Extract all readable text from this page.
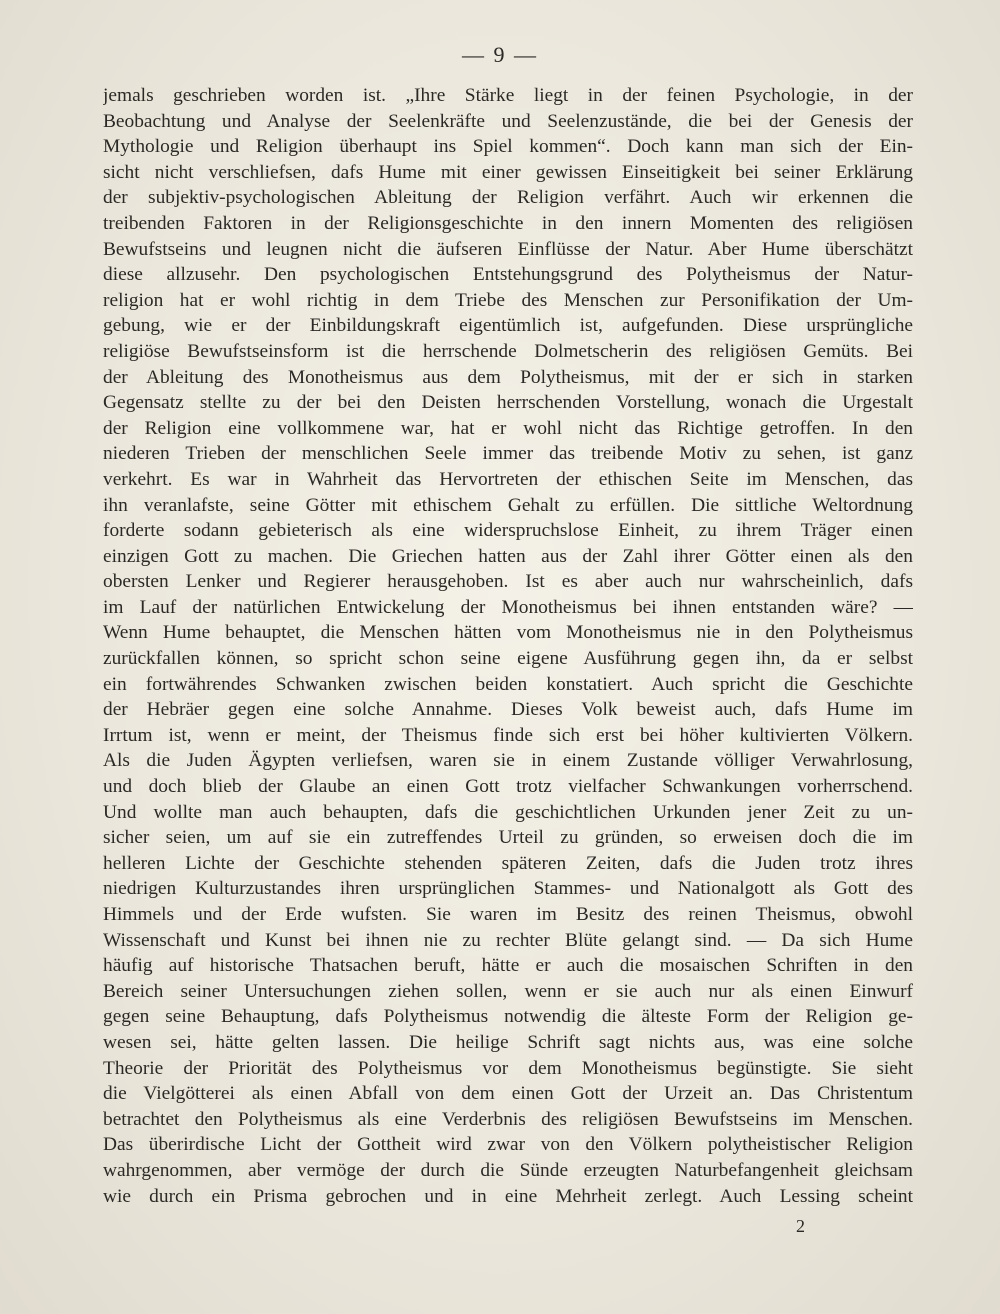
— 9 —
jemals geschrieben worden ist. „Ihre Stärke liegt in der feinen Psychologie, in der
Beobachtung und Analyse der Seelenkräfte und Seelenzustände, die bei der Genesis der
Mythologie und Religion überhaupt ins Spiel kommen“. Doch kann man sich der Ein-
sicht nicht verschliefsen, dafs Hume mit einer gewissen Einseitigkeit bei seiner Erklärung
der subjektiv-psychologischen Ableitung der Religion verfährt. Auch wir erkennen die
treibenden Faktoren in der Religionsgeschichte in den innern Momenten des religiösen
Bewufstseins und leugnen nicht die äufseren Einflüsse der Natur. Aber Hume überschätzt
diese allzusehr. Den psychologischen Entstehungsgrund des Polytheismus der Natur-
religion hat er wohl richtig in dem Triebe des Menschen zur Personifikation der Um-
gebung, wie er der Einbildungskraft eigentümlich ist, aufgefunden. Diese ursprüngliche
religiöse Bewufstseinsform ist die herrschende Dolmetscherin des religiösen Gemüts. Bei
der Ableitung des Monotheismus aus dem Polytheismus, mit der er sich in starken
Gegensatz stellte zu der bei den Deisten herrschenden Vorstellung, wonach die Urgestalt
der Religion eine vollkommene war, hat er wohl nicht das Richtige getroffen. In den
niederen Trieben der menschlichen Seele immer das treibende Motiv zu sehen, ist ganz
verkehrt. Es war in Wahrheit das Hervortreten der ethischen Seite im Menschen, das
ihn veranlafste, seine Götter mit ethischem Gehalt zu erfüllen. Die sittliche Weltordnung
forderte sodann gebieterisch als eine widerspruchslose Einheit, zu ihrem Träger einen
einzigen Gott zu machen. Die Griechen hatten aus der Zahl ihrer Götter einen als den
obersten Lenker und Regierer herausgehoben. Ist es aber auch nur wahrscheinlich, dafs
im Lauf der natürlichen Entwickelung der Monotheismus bei ihnen entstanden wäre? —
Wenn Hume behauptet, die Menschen hätten vom Monotheismus nie in den Polytheismus
zurückfallen können, so spricht schon seine eigene Ausführung gegen ihn, da er selbst
ein fortwährendes Schwanken zwischen beiden konstatiert. Auch spricht die Geschichte
der Hebräer gegen eine solche Annahme. Dieses Volk beweist auch, dafs Hume im
Irrtum ist, wenn er meint, der Theismus finde sich erst bei höher kultivierten Völkern.
Als die Juden Ägypten verliefsen, waren sie in einem Zustande völliger Verwahrlosung,
und doch blieb der Glaube an einen Gott trotz vielfacher Schwankungen vorherrschend.
Und wollte man auch behaupten, dafs die geschichtlichen Urkunden jener Zeit zu un-
sicher seien, um auf sie ein zutreffendes Urteil zu gründen, so erweisen doch die im
helleren Lichte der Geschichte stehenden späteren Zeiten, dafs die Juden trotz ihres
niedrigen Kulturzustandes ihren ursprünglichen Stammes- und Nationalgott als Gott des
Himmels und der Erde wufsten. Sie waren im Besitz des reinen Theismus, obwohl
Wissenschaft und Kunst bei ihnen nie zu rechter Blüte gelangt sind. — Da sich Hume
häufig auf historische Thatsachen beruft, hätte er auch die mosaischen Schriften in den
Bereich seiner Untersuchungen ziehen sollen, wenn er sie auch nur als einen Einwurf
gegen seine Behauptung, dafs Polytheismus notwendig die älteste Form der Religion ge-
wesen sei, hätte gelten lassen. Die heilige Schrift sagt nichts aus, was eine solche
Theorie der Priorität des Polytheismus vor dem Monotheismus begünstigte. Sie sieht
die Vielgötterei als einen Abfall von dem einen Gott der Urzeit an. Das Christentum
betrachtet den Polytheismus als eine Verderbnis des religiösen Bewufstseins im Menschen.
Das überirdische Licht der Gottheit wird zwar von den Völkern polytheistischer Religion
wahrgenommen, aber vermöge der durch die Sünde erzeugten Naturbefangenheit gleichsam
wie durch ein Prisma gebrochen und in eine Mehrheit zerlegt. Auch Lessing scheint
2
